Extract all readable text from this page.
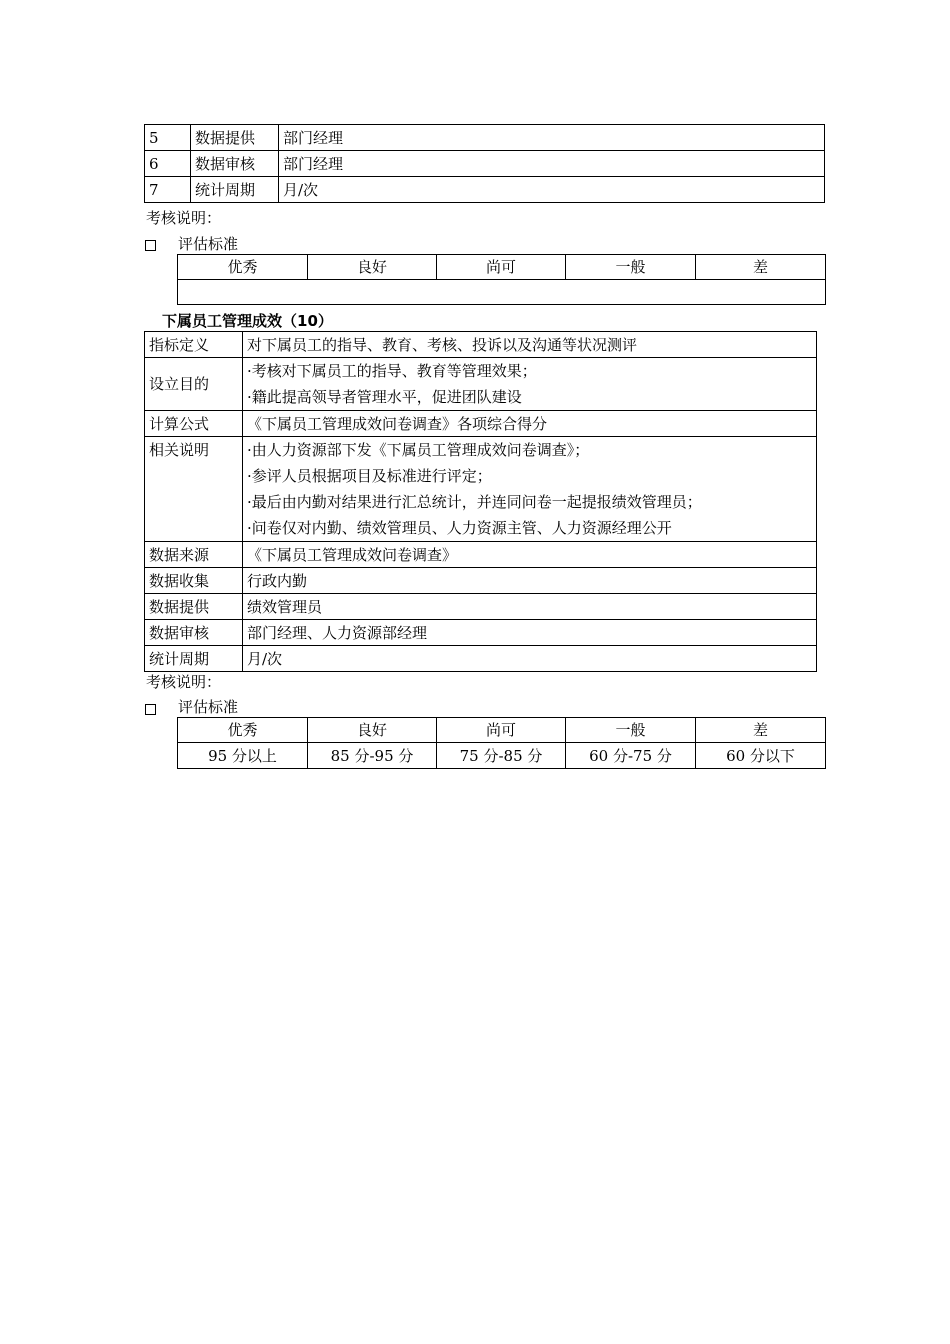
5	数据提供	部门经理
6	数据审核	部门经理
7	统计周期	月/次
考核说明：
评估标准
优秀	良好	尚可	一般	差

下属员工管理成效（10）
指标定义	对下属员工的指导、教育、考核、投诉以及沟通等状况测评
设立目的	·考核对下属员工的指导、教育等管理效果；
·籍此提高领导者管理水平，促进团队建设

计算公式	《下属员工管理成效问卷调查》各项综合得分
相关说明	·由人力资源部下发《下属员工管理成效问卷调查》；
·参评人员根据项目及标准进行评定；
·最后由内勤对结果进行汇总统计，并连同问卷一起提报绩效管理员；
·问卷仅对内勤、绩效管理员、人力资源主管、人力资源经理公开

数据来源	《下属员工管理成效问卷调查》
数据收集	行政内勤
数据提供	绩效管理员
数据审核	部门经理、人力资源部经理
统计周期	月/次
考核说明：
评估标准
优秀	良好	尚可	一般	差
95 分以上	85 分-95 分	75 分-85 分	60 分-75 分	60 分以下
